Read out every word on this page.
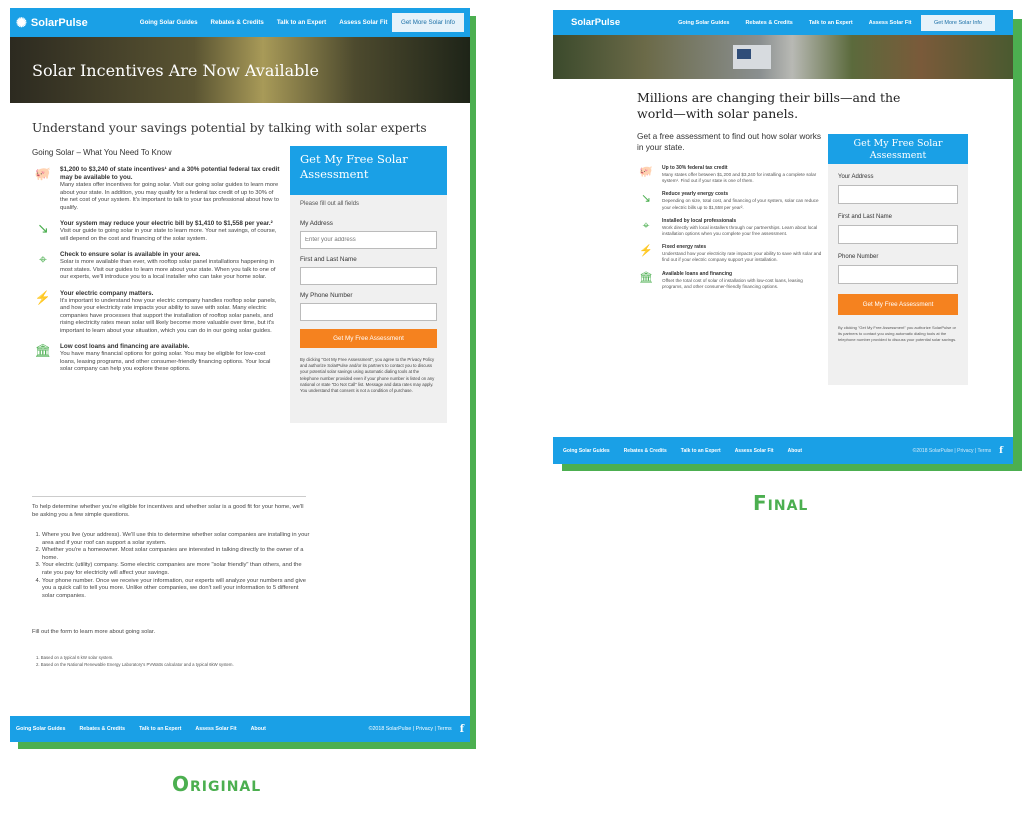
✺ SolarPulse	Going Solar Guides Rebates & Credits Talk to an Expert Assess Solar Fit	Get More Solar Info
Solar Incentives Are Now Available
Understand your savings potential by talking with solar experts
Going Solar – What You Need To Know
🐖	$1,200 to $3,240 of state incentives¹ and a 30% potential federal tax credit may be available to you.
Many states offer incentives for going solar. Visit our going solar guides to learn more about your state. In addition, you may qualify for a federal tax credit of up to 30% of the net cost of your system. It's important to talk to your tax professional about how to qualify.
↘	Your system may reduce your electric bill by $1,410 to $1,558 per year.²
Visit our guide to going solar in your state to learn more. Your net savings, of course, will depend on the cost and financing of the solar system.
⌖	Check to ensure solar is available in your area.
Solar is more available than ever, with rooftop solar panel installations happening in most states. Visit our guides to learn more about your state. When you talk to one of our experts, we'll introduce you to a local installer who can take your home solar.
⚡	Your electric company matters.
It's important to understand how your electric company handles rooftop solar panels, and how your electricity rate impacts your ability to save with solar. Many electric companies have processes that support the installation of rooftop solar panels, and rising electricity rates mean solar will likely become more valuable over time, but it's important to learn about your situation, which you can do in our going solar guides.
🏛	Low cost loans and financing are available.
You have many financial options for going solar. You may be eligible for low-cost loans, leasing programs, and other consumer-friendly financing options. Your local solar company can help you explore these options.
To help determine whether you're eligible for incentives and whether solar is a good fit for your home, we'll be asking you a few simple questions.
1. Where you live (your address). We'll use this to determine whether solar companies are installing in your area and if your roof can support a solar system.
2. Whether you're a homeowner. Most solar companies are interested in talking directly to the owner of a home.
3. Your electric (utility) company. Some electric companies are more "solar friendly" than others, and the rate you pay for electricity will affect your savings.
4. Your phone number. Once we receive your information, our experts will analyze your numbers and give you a quick call to tell you more. Unlike other companies, we don't sell your information to 5 different solar companies.
Fill out the form to learn more about going solar.
1. Based on a typical 6 kW solar system.
2. Based on the National Renewable Energy Laboratory's PVWatts calculator and a typical 6kW system.
Get My Free Solar Assessment
Please fill out all fields
My Address
Enter your address
First and Last Name
My Phone Number
Get My Free Assessment
By clicking "Get My Free Assessment", you agree to the Privacy Policy and authorize SolarPulse and/or its partners to contact you to discuss your potential solar savings using automatic dialing tools at the telephone number provided even if your phone number is listed on any national or state "Do Not Call" list. Message and data rates may apply. You understand that consent is not a condition of purchase.
Going Solar Guides	Rebates & Credits	Talk to an Expert	Assess Solar Fit	About	©2018 SolarPulse | Privacy | Terms f
Original
SolarPulse	Going Solar Guides	Rebates & Credits	Talk to an Expert	Assess Solar Fit	Get More Solar Info
Millions are changing their bills—and the world—with solar panels.
Get a free assessment to find out how solar works in your state.
🐖	Up to 30% federal tax credit
Many states offer between $1,200 and $3,240 for installing a complete solar system¹. Find out if your state is one of them.
↘	Reduce yearly energy costs
Depending on size, total cost, and financing of your system, solar can reduce your electric bills up to $1,558 per year².
⌖	Installed by local professionals
Work directly with local installers through our partnerships. Learn about local installation options when you complete your free assessment.
⚡	Fixed energy rates
Understand how your electricity rate impacts your ability to save with solar and find out if your electric company support your installation.
🏛	Available loans and financing
Offset the total cost of solar of installation with low-cost loans, leasing programs, and other consumer-friendly financing options.
Get My Free Solar Assessment
Your Address
First and Last Name
Phone Number
Get My Free Assessment
By clicking "Get My Free Assessment" you authorize SolarPulse or its partners to contact you using automatic dialing tools at the telephone number provided to discuss your potential solar savings.
Going Solar Guides	Rebates & Credits	Talk to an Expert	Assess Solar Fit	About	©2018 SolarPulse | Privacy | Terms f
Final
